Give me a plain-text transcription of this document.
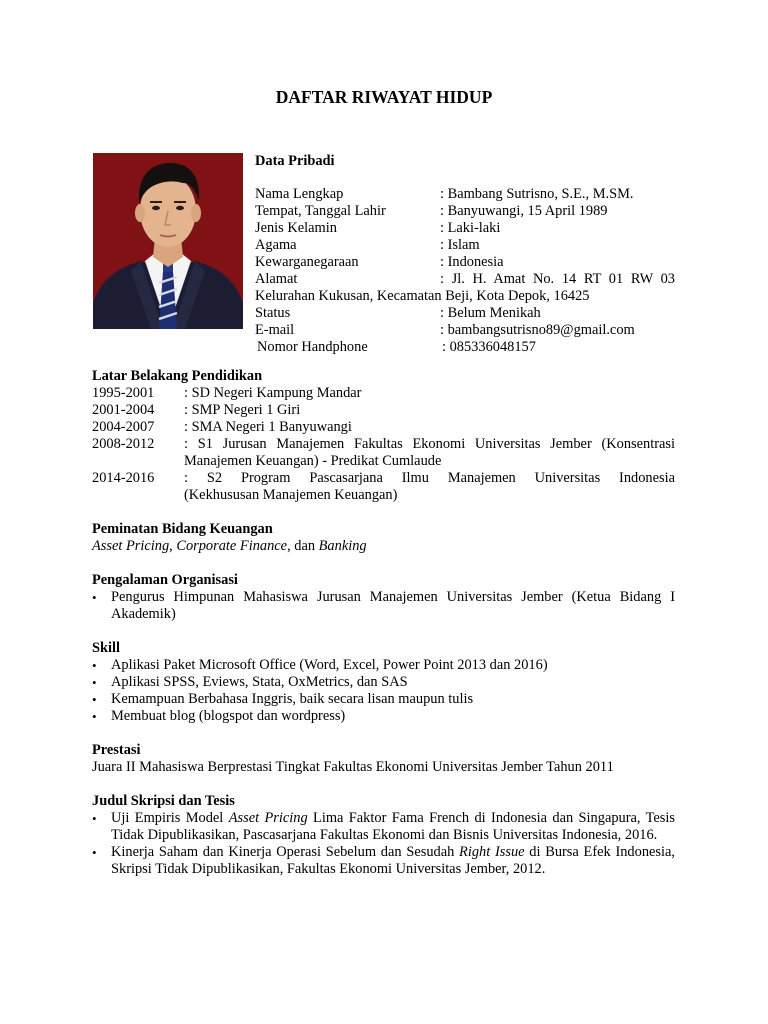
DAFTAR RIWAYAT HIDUP
Data Pribadi
Nama Lengkap	: Bambang Sutrisno, S.E., M.SM.
Tempat, Tanggal Lahir	: Banyuwangi, 15 April 1989
Jenis Kelamin	: Laki-laki
Agama	: Islam
Kewarganegaraan	: Indonesia
Alamat	: Jl. H. Amat No. 14 RT 01 RW 03
Kelurahan Kukusan, Kecamatan Beji, Kota Depok, 16425
Status	: Belum Menikah
E-mail	: bambangsutrisno89@gmail.com
Nomor Handphone	: 085336048157
Latar Belakang Pendidikan
1995-2001	: SD Negeri Kampung Mandar
2001-2004	: SMP Negeri 1 Giri
2004-2007	: SMA Negeri 1 Banyuwangi
2008-2012	: S1 Jurusan Manajemen Fakultas Ekonomi Universitas Jember (Konsentrasi
Manajemen Keuangan) - Predikat Cumlaude
2014-2016	: S2 Program Pascasarjana Ilmu Manajemen Universitas Indonesia
(Kekhususan Manajemen Keuangan)
Peminatan Bidang Keuangan
Asset Pricing, Corporate Finance, dan Banking
Pengalaman Organisasi
• Pengurus Himpunan Mahasiswa Jurusan Manajemen Universitas Jember (Ketua Bidang I Akademik)
Skill
• Aplikasi Paket Microsoft Office (Word, Excel, Power Point 2013 dan 2016)
• Aplikasi SPSS, Eviews, Stata, OxMetrics, dan SAS
• Kemampuan Berbahasa Inggris, baik secara lisan maupun tulis
• Membuat blog (blogspot dan wordpress)
Prestasi
Juara II Mahasiswa Berprestasi Tingkat Fakultas Ekonomi Universitas Jember Tahun 2011
Judul Skripsi dan Tesis
• Uji Empiris Model Asset Pricing Lima Faktor Fama French di Indonesia dan Singapura, Tesis Tidak Dipublikasikan, Pascasarjana Fakultas Ekonomi dan Bisnis Universitas Indonesia, 2016.
• Kinerja Saham dan Kinerja Operasi Sebelum dan Sesudah Right Issue di Bursa Efek Indonesia, Skripsi Tidak Dipublikasikan, Fakultas Ekonomi Universitas Jember, 2012.
